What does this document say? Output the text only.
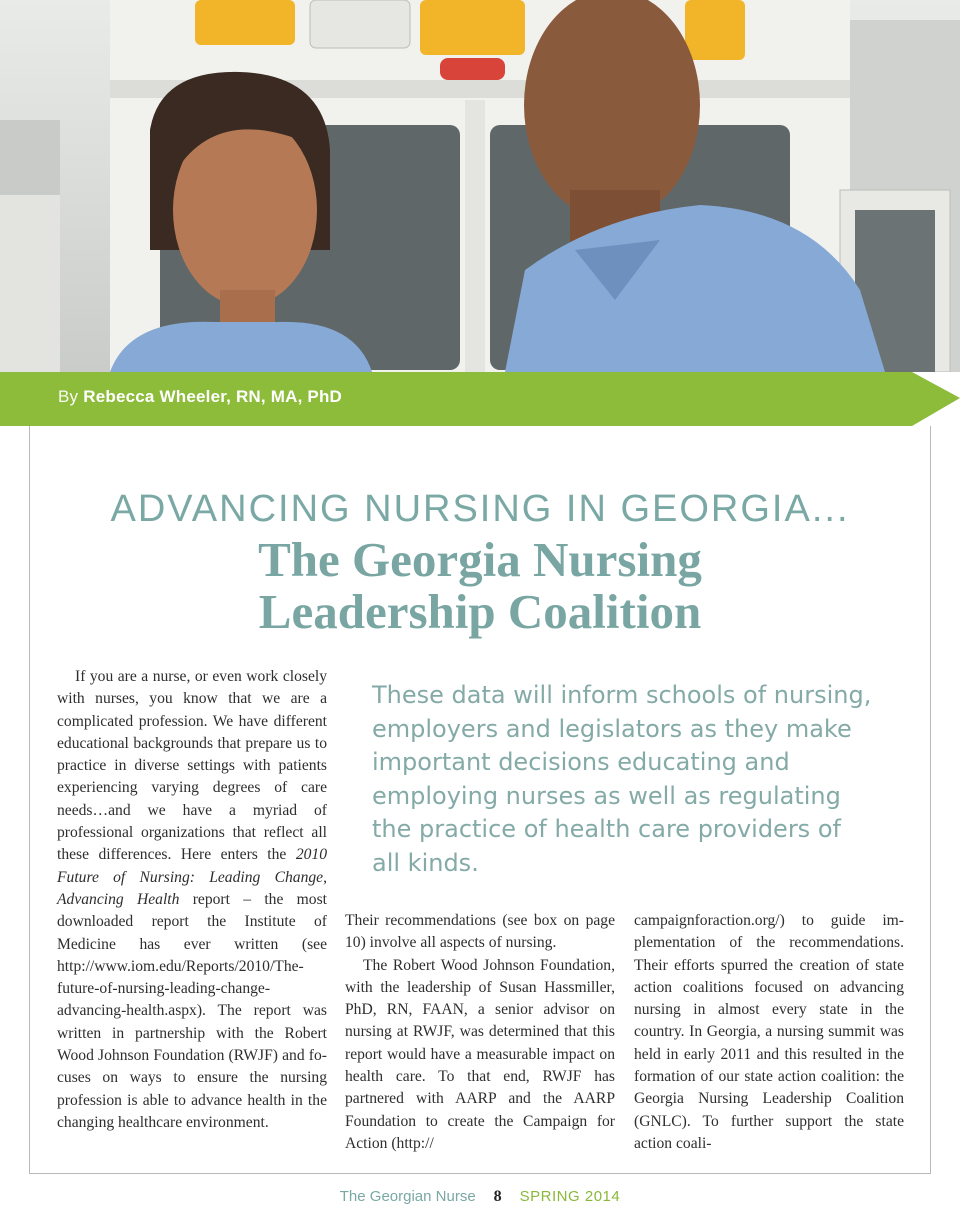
By Rebecca Wheeler, RN, MA, PhD
ADVANCING NURSING IN GEORGIA...
The Georgia Nursing
Leadership Coalition
These data will inform schools of nursing, employers and legislators as they make important decisions educating and employing nurses as well as regulating the practice of health care providers of all kinds.

If you are a nurse, or even work closely with nurses, you know that we are a complicated profession. We have different educational backgrounds that prepare us to practice in diverse settings with patients experiencing varying degrees of care needs…and we have a myriad of professional organizations that reflect all these differences. Here enters the 2010 Future of Nursing: Leading Change, Advancing Health report – the most downloaded report the Institute of Medicine has ever written (see http://www.iom.edu/Reports/2010/The-future-of-nursing-leading-change-advancing-health.aspx). The report was written in partnership with the Robert Wood Johnson Foundation (RWJF) and focuses on ways to ensure the nursing profession is able to advance health in the changing healthcare environment.

Their recommendations (see box on page 10) involve all aspects of nursing.

The Robert Wood Johnson Foundation, with the leadership of Susan Hassmiller, PhD, RN, FAAN, a senior advisor on nursing at RWJF, was determined that this report would have a measurable impact on health care. To that end, RWJF has partnered with AARP and the AARP Foundation to create the Campaign for Action (http://

campaignforaction.org/) to guide implementation of the recommendations. Their efforts spurred the creation of state action coalitions focused on advancing nursing in almost every state in the country. In Georgia, a nursing summit was held in early 2011 and this resulted in the formation of our state action coalition: the Georgia Nursing Leadership Coalition (GNLC). To further support the state action coali-

The Georgian Nurse 8 SPRING 2014
